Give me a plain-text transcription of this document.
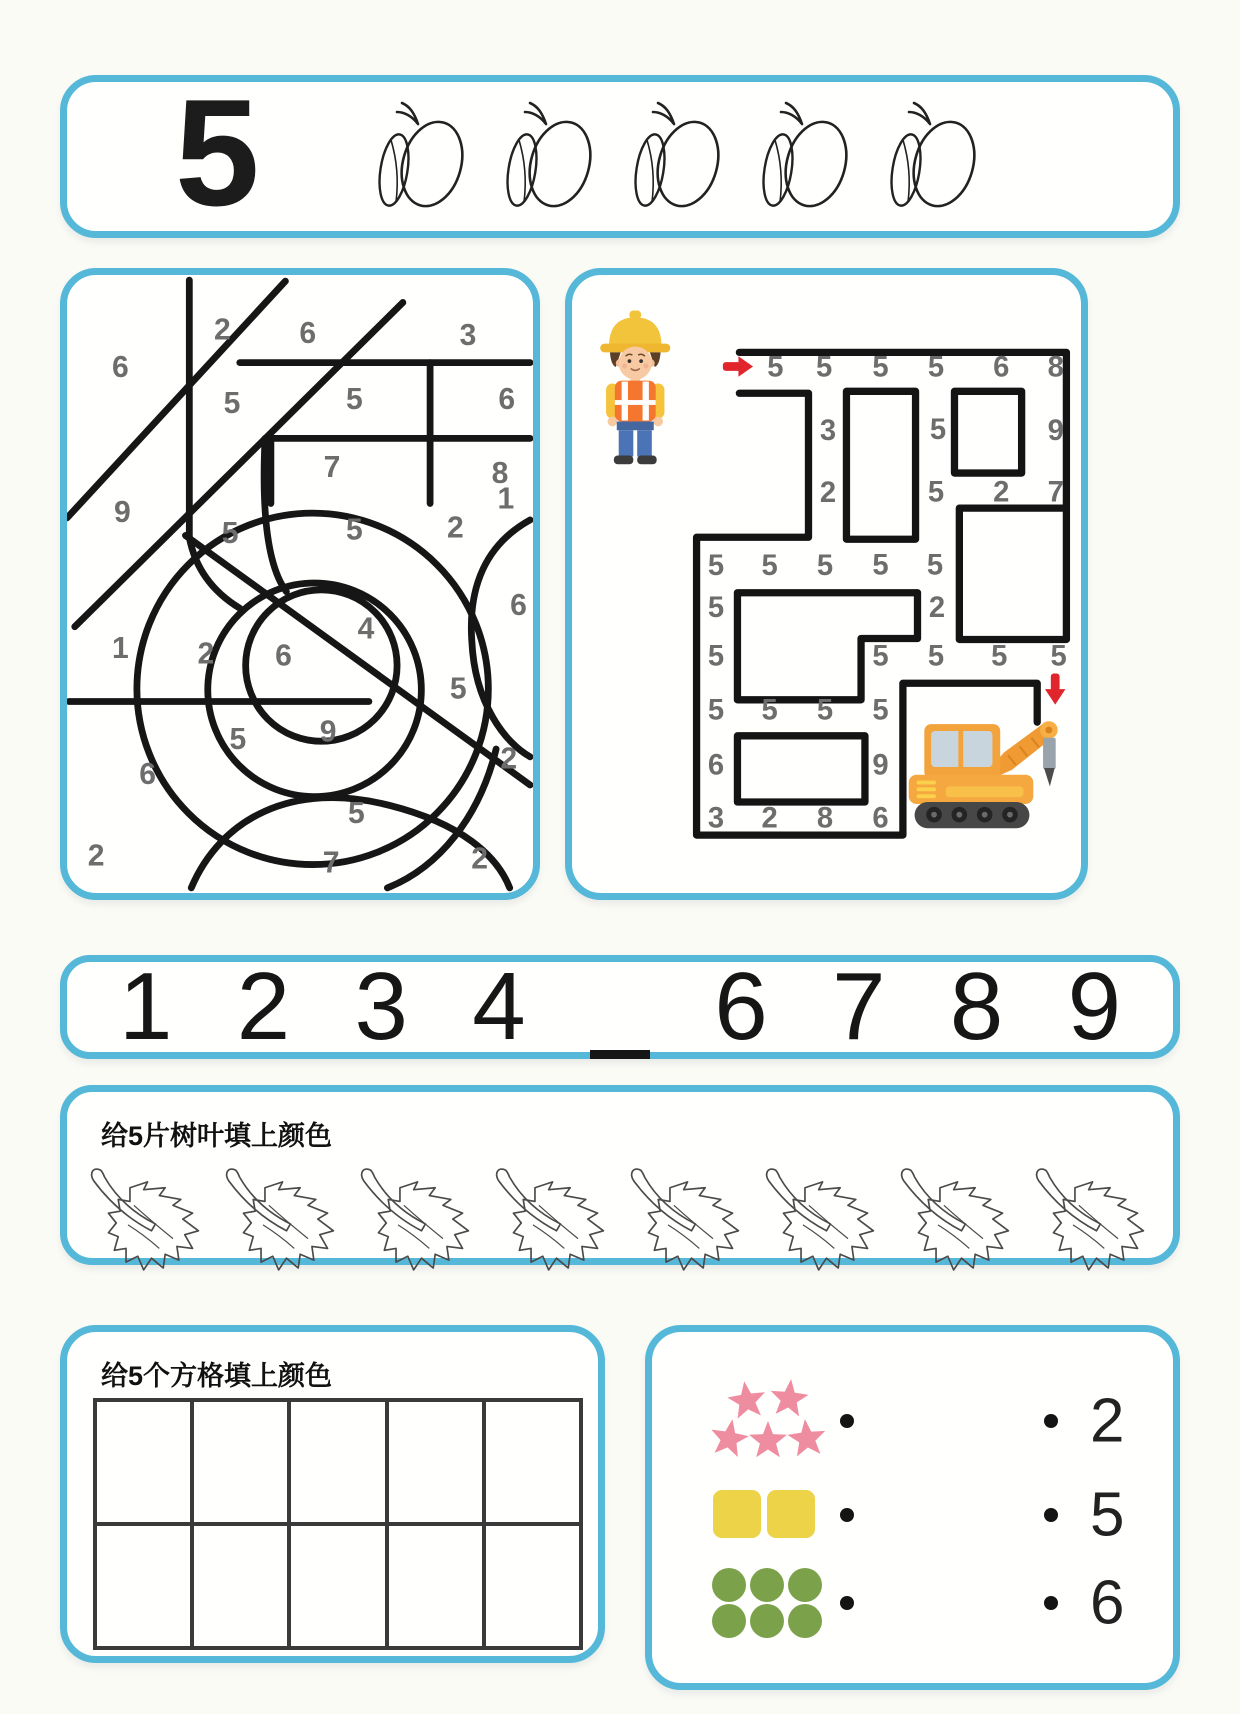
5
6
2 6	3
5	5	6
7	8
9
5	5	2
1
6
1 2 6
4
5
9
5
2
6
5
2	7	2
5 5 5 5 6 8
3	5	9
2	5 2 7
5 5 5 5 5
5	2
5	5 5 5 5
5 5 5 5
6	9
3 2 8 6
1 2 3 4 6 7 8 9
给5片树叶填上颜色
给5个方格填上颜色
2
5
6
